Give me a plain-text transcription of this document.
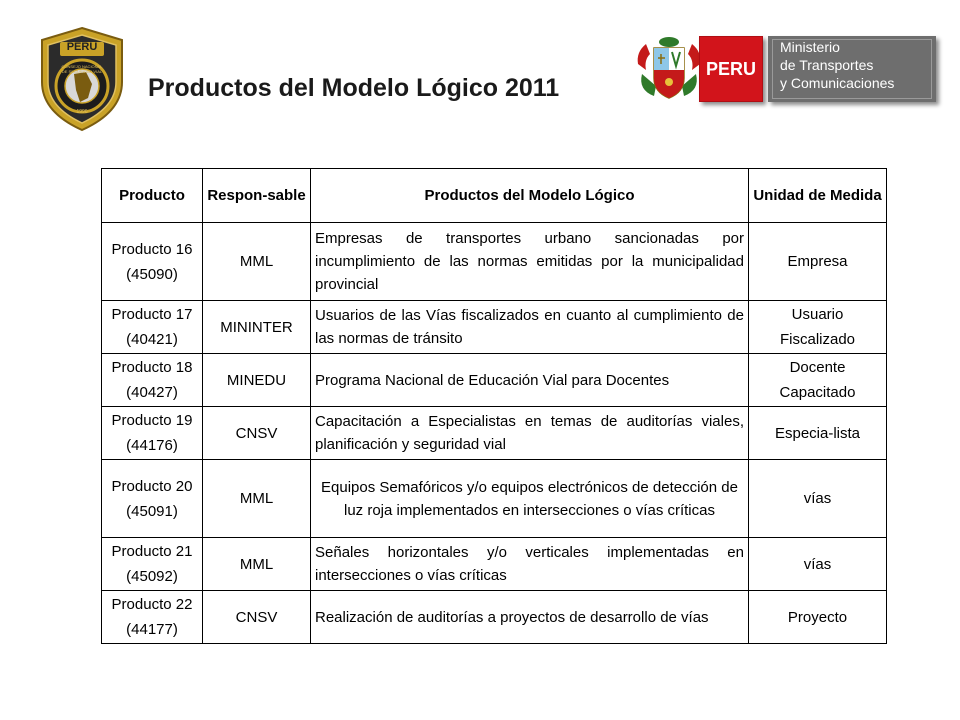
PERU
CONSEJO NACIONAL DE SEGURIDAD VIAL
1996
Productos del Modelo Lógico 2011
PERU
Ministerio
de Transportes
y Comunicaciones
Producto	Respon-sable	Productos del Modelo Lógico	Unidad de Medida
Producto 16 (45090)	MML	Empresas de transportes urbano sancionadas por incumplimiento de las normas emitidas por la municipalidad provincial	Empresa
Producto 17 (40421)	MININTER	Usuarios de las Vías fiscalizados en cuanto al cumplimiento de las normas de tránsito	Usuario Fiscalizado
Producto 18 (40427)	MINEDU	Programa Nacional de Educación Vial para Docentes	Docente Capacitado
Producto 19 (44176)	CNSV	Capacitación a Especialistas en temas de auditorías viales, planificación y seguridad vial	Especia-lista
Producto 20 (45091)	MML	Equipos Semafóricos y/o equipos electrónicos de detección de luz roja implementados en intersecciones o vías críticas	vías
Producto 21 (45092)	MML	Señales horizontales y/o verticales implementadas en intersecciones o vías críticas	vías
Producto 22 (44177)	CNSV	Realización de auditorías a proyectos de desarrollo de vías	Proyecto
